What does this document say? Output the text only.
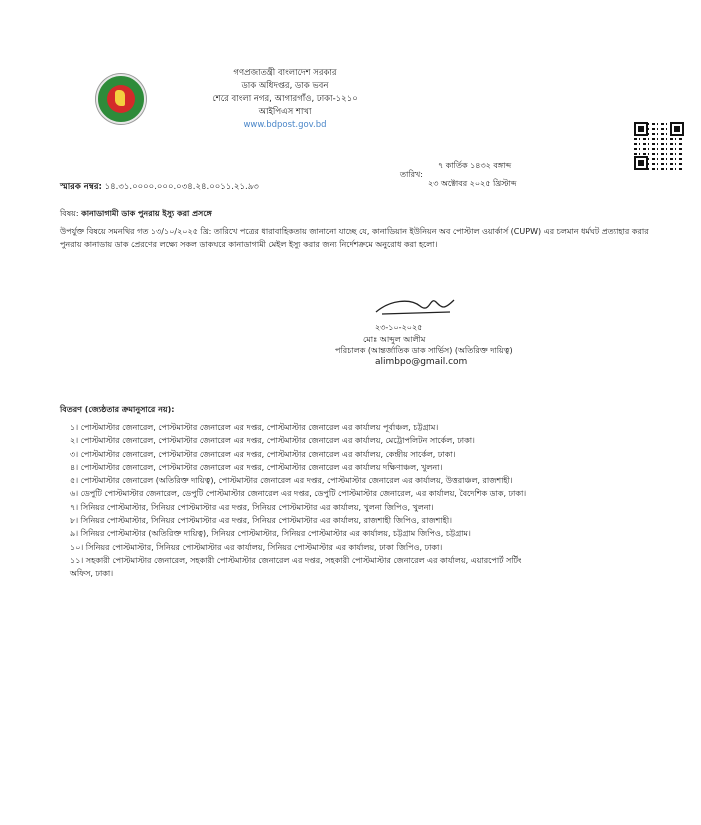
গণপ্রজাতন্ত্রী বাংলাদেশ সরকার
ডাক অধিদপ্তর, ডাক ভবন
শেরে বাংলা নগর, আগারগাঁও, ঢাকা-১২১০
আইপিএস শাখা
www.bdpost.gov.bd
তারিখ:
৭ কার্তিক ১৪৩২ বঙ্গাব্দ
২৩ অক্টোবর ২০২৫ খ্রিস্টাব্দ
স্মারক নম্বর: ১৪.৩১.০০০০.০০০.০৩৪.২৪.০০১১.২১.৯৩
বিষয়: কানাডাগামী ডাক পুনরায় ইস্যু করা প্রসঙ্গে
উপর্যুক্ত বিষয়ে সমনথির গত ১৩/১০/২০২৫ খ্রি: তারিখে পত্রের ধারাবাহিকতায় জানানো যাচ্ছে যে, কানাডিয়ান ইউনিয়ন অব পোস্টাল ওয়ার্কার্স (CUPW) এর চলমান ধর্মঘট প্রত্যাহার করার পুনরায় কানাডায় ডাক প্রেরণের লক্ষ্যে সকল ডাকঘরে কানাডাগামী মেইল ইস্যু করার জন্য নির্দেশক্রমে অনুরোধ করা হলো।
২৩-১০-২০২৫
মোঃ আব্দুল আলীম
পরিচালক (আন্তর্জাতিক ডাক সার্ভিস) (অতিরিক্ত দায়িত্ব)
alimbpo@gmail.com
বিতরণ (জ্যেষ্ঠতার ক্রমানুসারে নয়):
১। পোস্টমাস্টার জেনারেল, পোস্টমাস্টার জেনারেল এর দপ্তর, পোস্টমাস্টার জেনারেল এর কার্যালয় পূর্বাঞ্চল, চট্টগ্রাম।
২। পোস্টমাস্টার জেনারেল, পোস্টমাস্টার জেনারেল এর দপ্তর, পোস্টমাস্টার জেনারেল এর কার্যালয়, মেট্রোপলিটন সার্কেল, ঢাকা।
৩। পোস্টমাস্টার জেনারেল, পোস্টমাস্টার জেনারেল এর দপ্তর, পোস্টমাস্টার জেনারেল এর কার্যালয়, কেন্দ্রীয় সার্কেল, ঢাকা।
৪। পোস্টমাস্টার জেনারেল, পোস্টমাস্টার জেনারেল এর দপ্তর, পোস্টমাস্টার জেনারেল এর কার্যালয় দক্ষিণাঞ্চল, খুলনা।
৫। পোস্টমাস্টার জেনারেল (অতিরিক্ত দায়িত্ব), পোস্টমাস্টার জেনারেল এর দপ্তর, পোস্টমাস্টার জেনারেল এর কার্যালয়, উত্তরাঞ্চল, রাজশাহী।
৬। ডেপুটি পোস্টমাস্টার জেনারেল, ডেপুটি পোস্টমাস্টার জেনারেল এর দপ্তর, ডেপুটি পোস্টমাস্টার জেনারেল, এর কার্যালয়, বৈদেশিক ডাক, ঢাকা।
৭। সিনিয়র পোস্টমাস্টার, সিনিয়র পোস্টমাস্টার এর দপ্তর, সিনিয়র পোস্টমাস্টার এর কার্যালয়, খুলনা জিপিও, খুলনা।
৮। সিনিয়র পোস্টমাস্টার, সিনিয়র পোস্টমাস্টার এর দপ্তর, সিনিয়র পোস্টমাস্টার এর কার্যালয়, রাজশাহী জিপিও, রাজশাহী।
৯। সিনিয়র পোস্টমাস্টার (অতিরিক্ত দায়িত্ব), সিনিয়র পোস্টমাস্টার, সিনিয়র পোস্টমাস্টার এর কার্যালয়, চট্টগ্রাম জিপিও, চট্টগ্রাম।
১০। সিনিয়র পোস্টমাস্টার, সিনিয়র পোস্টমাস্টার এর কার্যালয়, সিনিয়র পোস্টমাস্টার এর কার্যালয়, ঢাকা জিপিও, ঢাকা।
১১। সহকারী পোস্টমাস্টার জেনারেল, সহকারী পোস্টমাস্টার জেনারেল এর দপ্তর, সহকারী পোস্টমাস্টার জেনারেল এর কার্যালয়, এয়ারপোর্ট সর্টিং অফিস, ঢাকা।
